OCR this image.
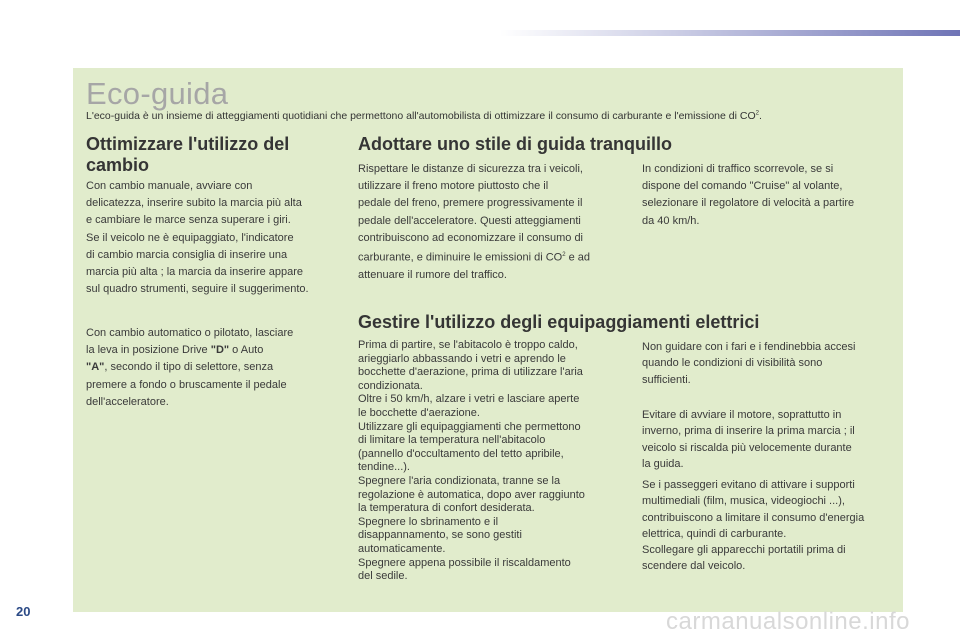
Eco-guida
L'eco-guida è un insieme di atteggiamenti quotidiani che permettono all'automobilista di ottimizzare il consumo di carburante e l'emissione di $CO^2$.
Ottimizzare l'utilizzo del cambio

Con cambio manuale, avviare con
delicatezza, inserire subito la marcia più alta
e cambiare le marce senza superare i giri.
Se il veicolo ne è equipaggiato, l'indicatore
di cambio marcia consiglia di inserire una
marcia più alta ; la marcia da inserire appare
sul quadro strumenti, seguire il suggerimento.

Con cambio automatico o pilotato, lasciare
la leva in posizione Drive "D" o Auto
"A", secondo il tipo di selettore, senza
premere a fondo o bruscamente il pedale
dell'acceleratore.

Adottare uno stile di guida tranquillo

Rispettare le distanze di sicurezza tra i veicoli,
utilizzare il freno motore piuttosto che il
pedale del freno, premere progressivamente il
pedale dell'acceleratore. Questi atteggiamenti
contribuiscono ad economizzare il consumo di
carburante, e diminuire le emissioni di $CO^2$ e ad
attenuare il rumore del traffico.

In condizioni di traffico scorrevole, se si
dispone del comando "Cruise" al volante,
selezionare il regolatore di velocità a partire
da 40 km/h.

Gestire l'utilizzo degli equipaggiamenti elettrici

Prima di partire, se l'abitacolo è troppo caldo,
arieggiarlo abbassando i vetri e aprendo le
bocchette d'aerazione, prima di utilizzare l'aria
condizionata.
Oltre i 50 km/h, alzare i vetri e lasciare aperte
le bocchette d'aerazione.
Utilizzare gli equipaggiamenti che permettono
di limitare la temperatura nell'abitacolo
(pannello d'occultamento del tetto apribile,
tendine...).
Spegnere l'aria condizionata, tranne se la
regolazione è automatica, dopo aver raggiunto
la temperatura di confort desiderata.
Spegnere lo sbrinamento e il
disappannamento, se sono gestiti
automaticamente.
Spegnere appena possibile il riscaldamento
del sedile.

Non guidare con i fari e i fendinebbia accesi
quando le condizioni di visibilità sono
sufficienti.

Evitare di avviare il motore, soprattutto in
inverno, prima di inserire la prima marcia ; il
veicolo si riscalda più velocemente durante
la guida.

Se i passeggeri evitano di attivare i supporti
multimediali (film, musica, videogiochi ...),
contribuiscono a limitare il consumo d'energia
elettrica, quindi di carburante.
Scollegare gli apparecchi portatili prima di
scendere dal veicolo.

20	carmanualsonline.info
